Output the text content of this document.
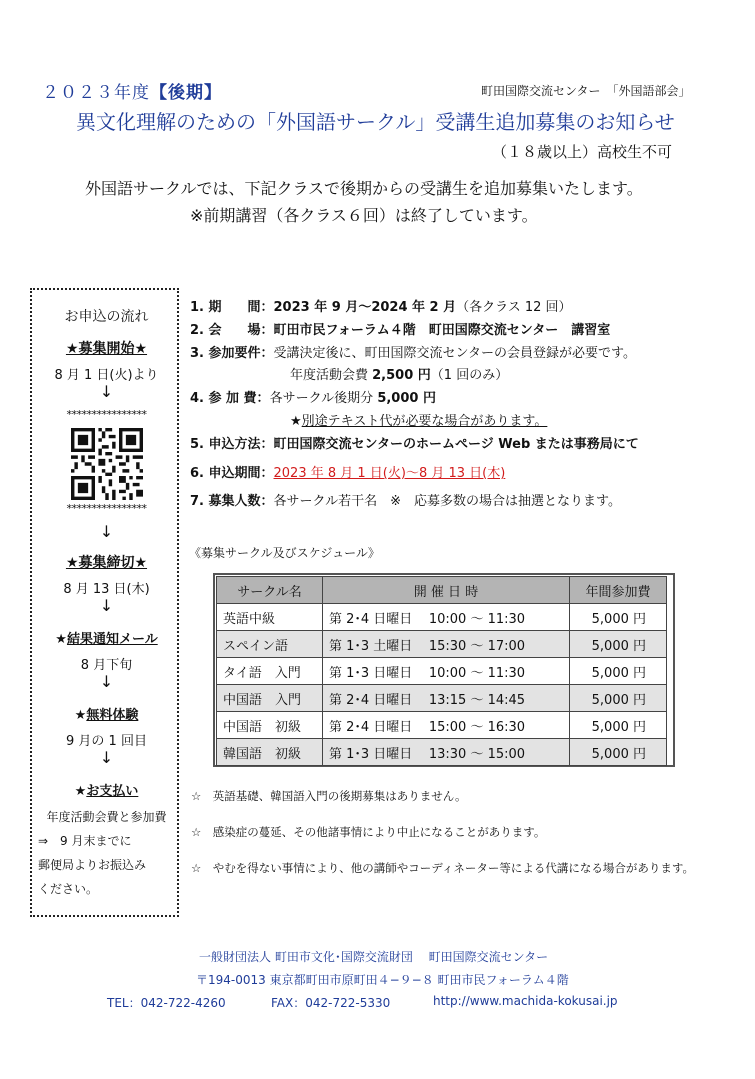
２０２３年度【後期】	町田国際交流センター　「外国語部会」
異文化理解のための「外国語サークル」受講生追加募集のお知らせ
（１８歳以上）高校生不可
外国語サークルでは、下記クラスで後期からの受講生を追加募集いたします。
※前期講習（各クラス６回）は終了しています。
お申込の流れ
★募集開始★
8 月 1 日(火)より
↓
****************
****************
↓
★募集締切★
8 月 13 日(木)
↓
★結果通知メール
8 月下旬
↓
★無料体験
9 月の 1 回目
↓
★お支払い
年度活動会費と参加費
⇒　9 月末までに
郵便局よりお振込み
ください。
1. 期　　間：2023 年 9 月～2024 年 2 月（各クラス 12 回）
2. 会　　場：町田市民フォーラム４階　町田国際交流センター　講習室
3. 参加要件：受講決定後に、町田国際交流センターの会員登録が必要です。
年度活動会費 2,500 円（1 回のみ）
4. 参 加 費：各サークル後期分 5,000 円
★別途テキスト代が必要な場合があります。
5. 申込方法：町田国際交流センターのホームページ Web または事務局にて
6. 申込期間：2023 年 8 月 1 日(火)～8 月 13 日(木)
7. 募集人数：各サークル若干名　※　応募多数の場合は抽選となります。
《募集サークル及びスケジュール》
サークル名	開 催 日 時	年間参加費
英語中級	第 2･4 日曜日 10:00 ～ 11:30	5,000 円
スペイン語	第 1･3 土曜日 15:30 ～ 17:00	5,000 円
タイ語　入門	第 1･3 日曜日 10:00 ～ 11:30	5,000 円
中国語　入門	第 2･4 日曜日 13:15 ～ 14:45	5,000 円
中国語　初級	第 2･4 日曜日 15:00 ～ 16:30	5,000 円
韓国語　初級	第 1･3 日曜日 13:30 ～ 15:00	5,000 円
☆　英語基礎、韓国語入門の後期募集はありません。
☆　感染症の蔓延、その他諸事情により中止になることがあります。
☆　やむを得ない事情により、他の講師やコーディネーター等による代講になる場合があります。
一般財団法人 町田市文化･国際交流財団　 町田国際交流センター
〒194-0013 東京都町田市原町田４−９−８ 町田市民フォーラム４階
TEL：042-722-4260	FAX：042-722-5330	http://www.machida-kokusai.jp
